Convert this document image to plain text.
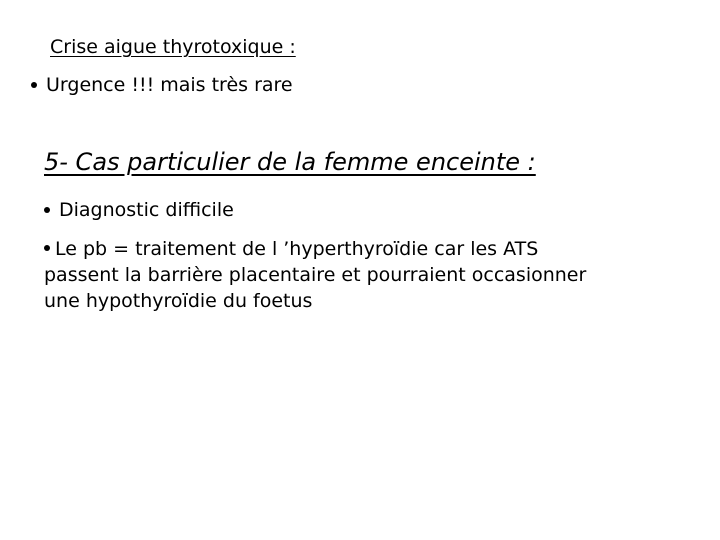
Crise aigue thyrotoxique :
Urgence !!! mais très rare
5- Cas particulier de la femme enceinte :
Diagnostic difficile
Le pb = traitement de l ’hyperthyroïdie car les ATS
passent la barrière placentaire et pourraient occasionner
une hypothyroïdie du foetus
